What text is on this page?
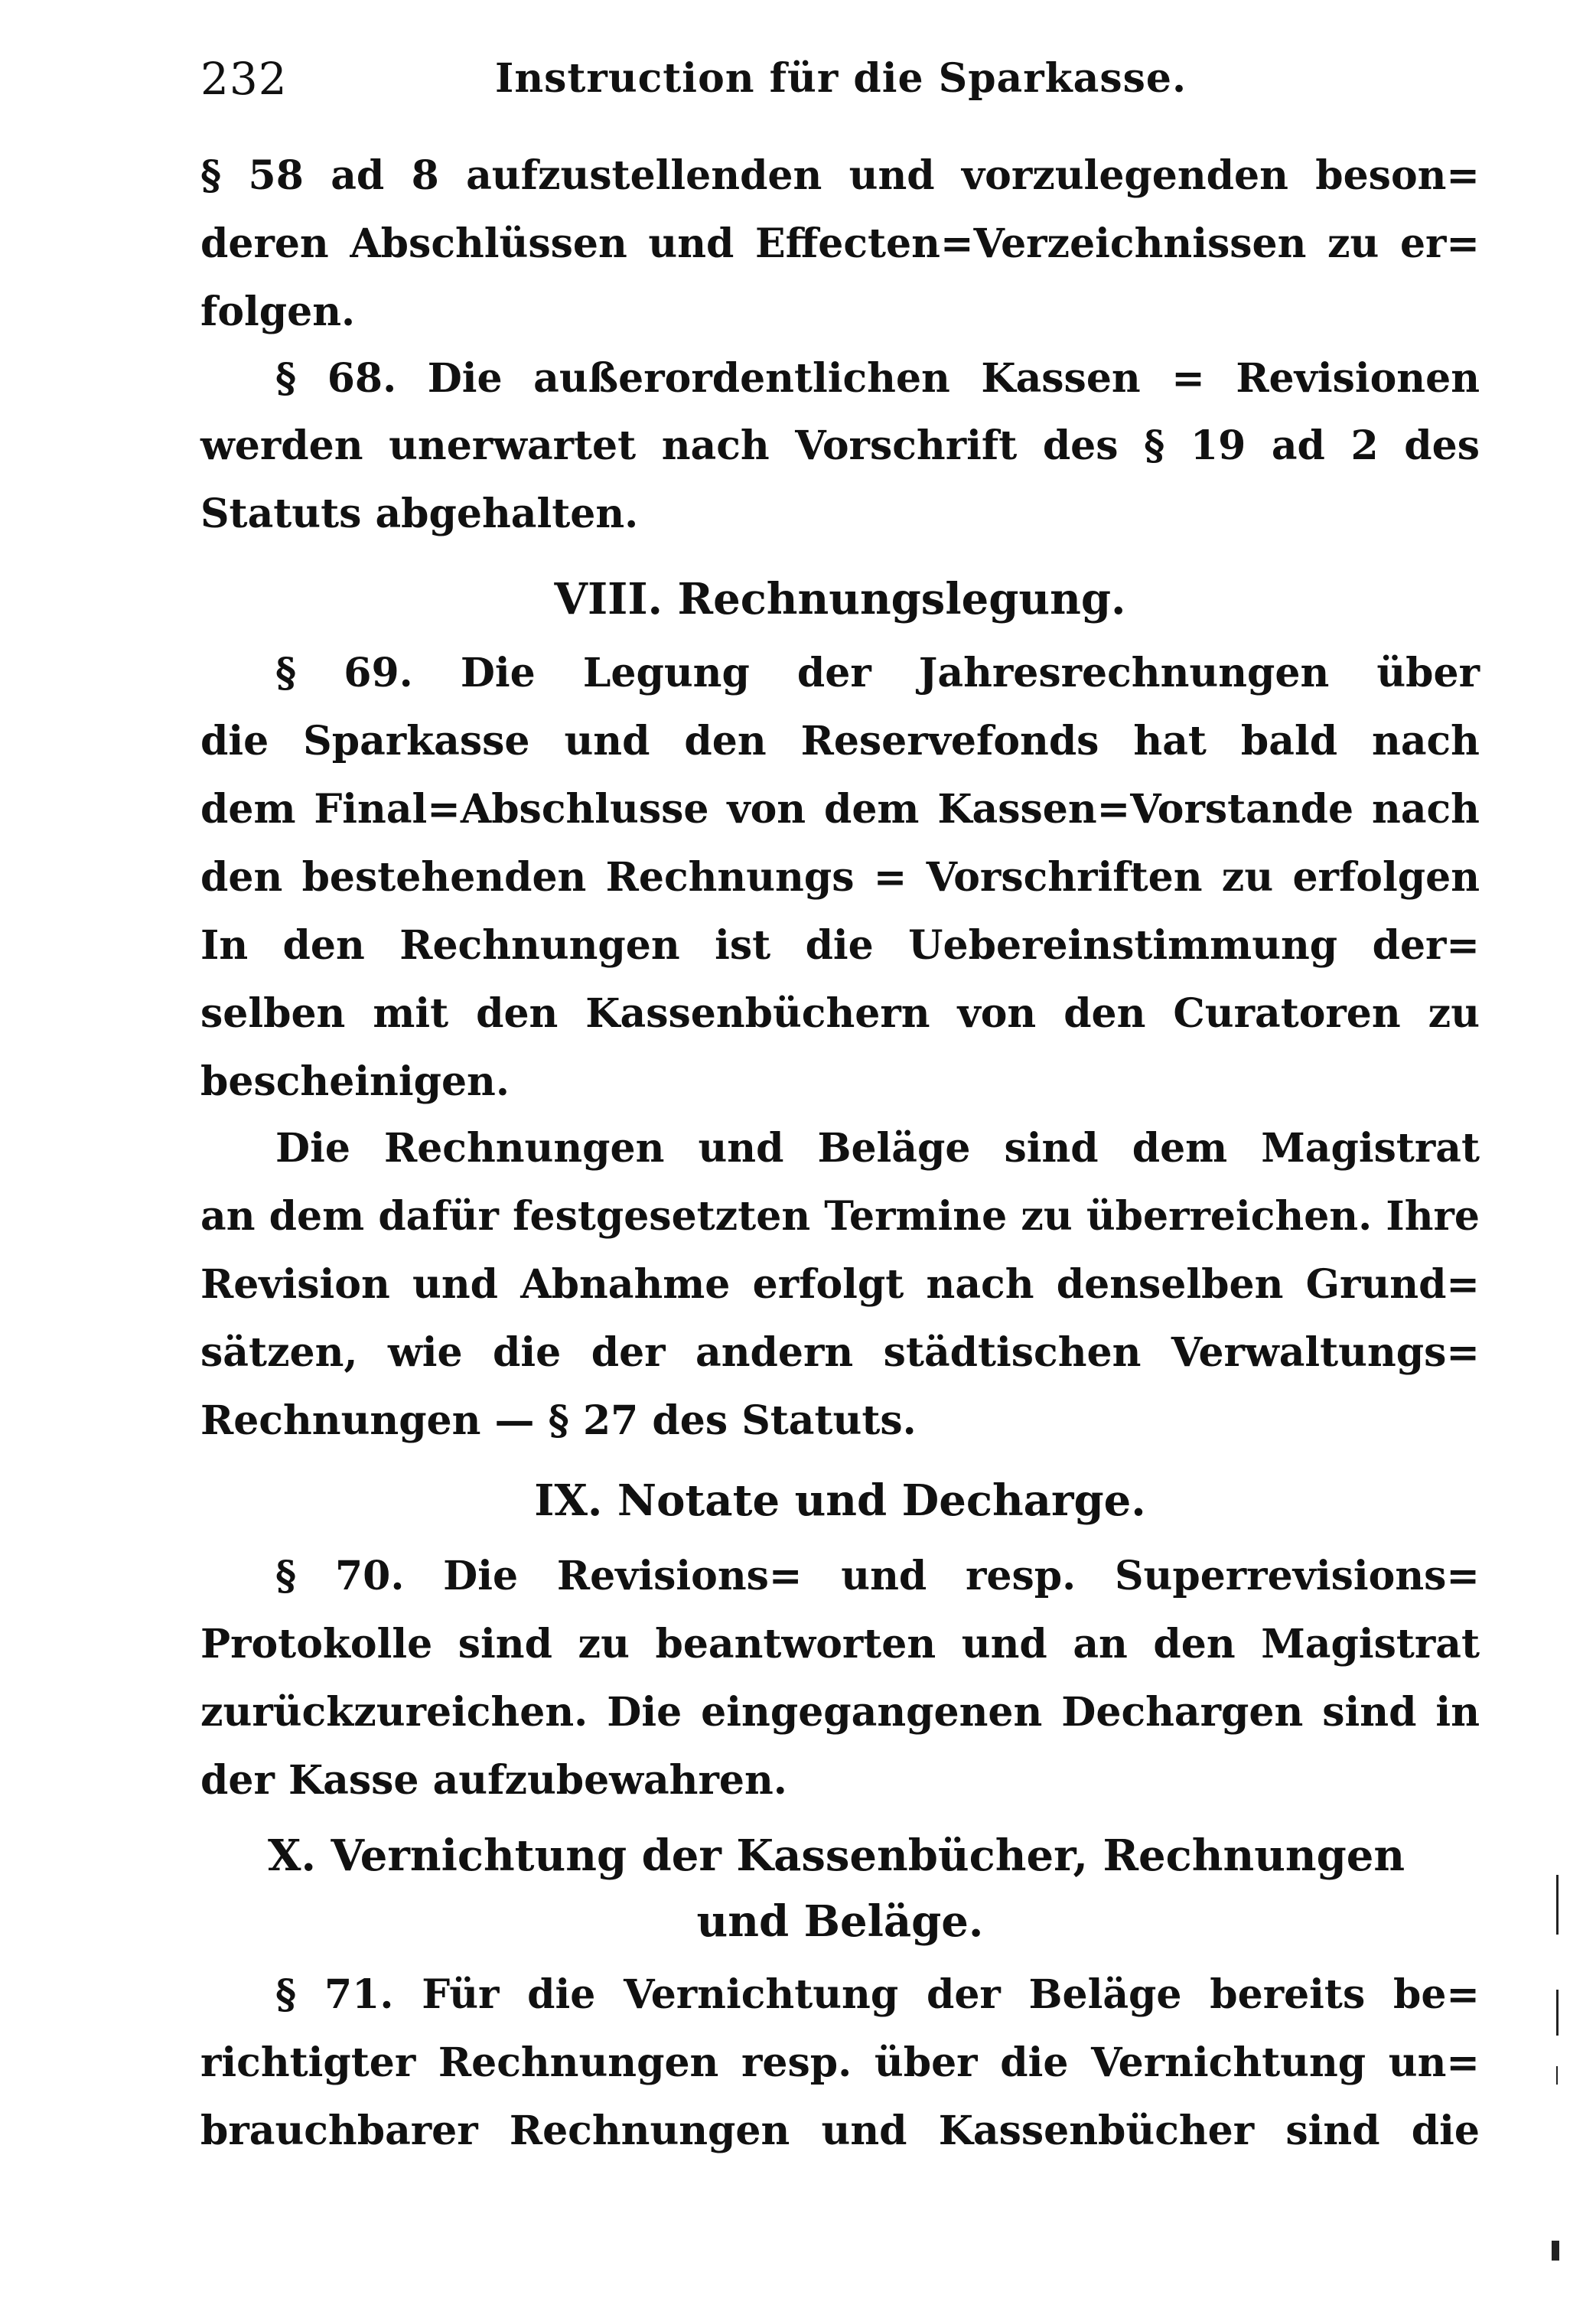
232	Instruction für die Sparkasse.
§ 58 ad 8 aufzustellenden und vorzulegenden beson=
deren Abschlüssen und Effecten=Verzeichnissen zu er=
folgen.
§ 68. Die außerordentlichen Kassen = Revisionen
werden unerwartet nach Vorschrift des § 19 ad 2 des
Statuts abgehalten.
VIII. Rechnungslegung.
§ 69. Die Legung der Jahresrechnungen über
die Sparkasse und den Reservefonds hat bald nach
dem Final=Abschlusse von dem Kassen=Vorstande nach
den bestehenden Rechnungs = Vorschriften zu erfolgen
In den Rechnungen ist die Uebereinstimmung der=
selben mit den Kassenbüchern von den Curatoren zu
bescheinigen.
Die Rechnungen und Beläge sind dem Magistrat
an dem dafür festgesetzten Termine zu überreichen. Ihre
Revision und Abnahme erfolgt nach denselben Grund=
sätzen, wie die der andern städtischen Verwaltungs=
Rechnungen — § 27 des Statuts.
IX. Notate und Decharge.
§ 70. Die Revisions= und resp. Superrevisions=
Protokolle sind zu beantworten und an den Magistrat
zurückzureichen. Die eingegangenen Dechargen sind in
der Kasse aufzubewahren.
X. Vernichtung der Kassenbücher, Rechnungen
und Beläge.
§ 71. Für die Vernichtung der Beläge bereits be=
richtigter Rechnungen resp. über die Vernichtung un=
brauchbarer Rechnungen und Kassenbücher sind die
